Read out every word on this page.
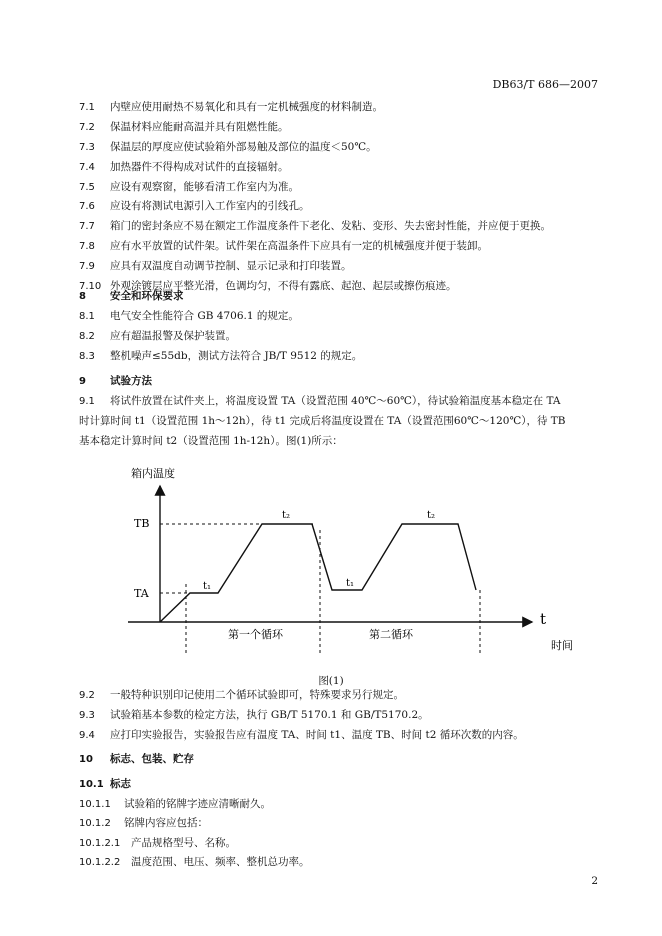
DB63/T 686—2007
7.1 内壁应使用耐热不易氧化和具有一定机械强度的材料制造。
7.2 保温材料应能耐高温并具有阻燃性能。
7.3 保温层的厚度应使试验箱外部易触及部位的温度＜50℃。
7.4 加热器件不得构成对试件的直接辐射。
7.5 应设有观察窗，能够看清工作室内为准。
7.6 应设有将测试电源引入工作室内的引线孔。
7.7 箱门的密封条应不易在额定工作温度条件下老化、发粘、变形、失去密封性能，并应便于更换。
7.8 应有水平放置的试件架。试件架在高温条件下应具有一定的机械强度并便于装卸。
7.9 应具有双温度自动调节控制、显示记录和打印装置。
7.10 外观涂镀层应平整光滑，色调均匀，不得有露底、起泡、起层或擦伤痕迹。
8 安全和环保要求
8.1 电气安全性能符合 GB 4706.1 的规定。
8.2 应有超温报警及保护装置。
8.3 整机噪声≤55db，测试方法符合 JB/T 9512 的规定。
9 试验方法
9.1 将试件放置在试件夹上，将温度设置 TA（设置范围 40℃～60℃），待试验箱温度基本稳定在 TA
时计算时间 t1（设置范围 1h～12h），待 t1 完成后将温度设置在 TA（设置范围60℃～120℃），待 TB
基本稳定计算时间 t2（设置范围 1h-12h）。图(1)所示：
箱内温度
TB
TA
t₁
t₂
t₁
t₂
t
第一个循环	第二循环
时间
图(1)
9.2 一般特种识别印记使用二个循环试验即可，特殊要求另行规定。
9.3 试验箱基本参数的检定方法，执行 GB/T 5170.1 和 GB/T5170.2。
9.4 应打印实验报告，实验报告应有温度 TA、时间 t1、温度 TB、时间 t2 循环次数的内容。
10 标志、包装、贮存
10.1 标志
10.1.1 试验箱的铭牌字迹应清晰耐久。
10.1.2 铭牌内容应包括：
10.1.2.1 产品规格型号、名称。
10.1.2.2 温度范围、电压、频率、整机总功率。
2
